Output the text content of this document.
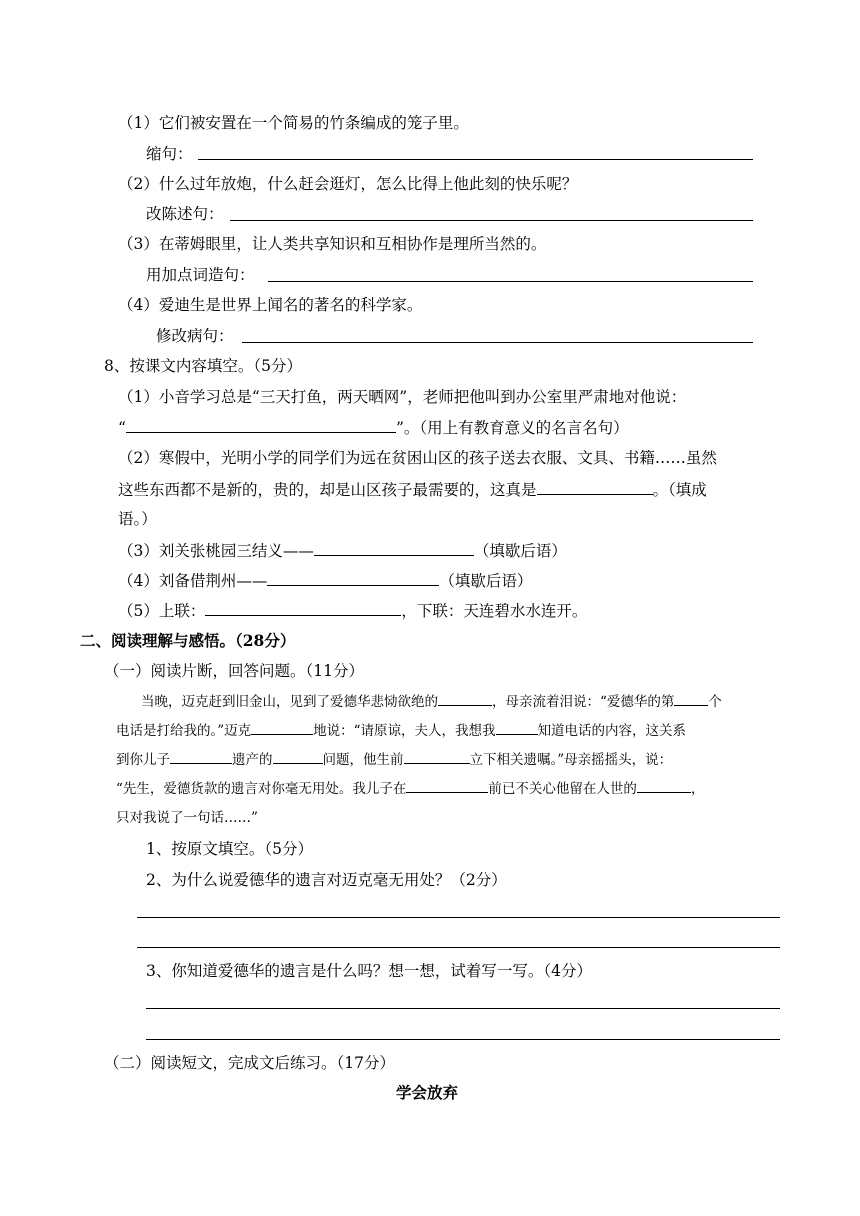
（1）它们被安置在一个简易的竹条编成的笼子里。
缩句：
（2）什么过年放炮，什么赶会逛灯，怎么比得上他此刻的快乐呢？
改陈述句：
（3）在蒂姆眼里，让人类共享知识和互相协作是理所当然的。
用加点词造句：
（4）爱迪生是世界上闻名的著名的科学家。
修改病句：
8、按课文内容填空。（5分）
（1）小音学习总是“三天打鱼，两天晒网”，老师把他叫到办公室里严肃地对他说：
“	”。（用上有教育意义的名言名句）
（2）寒假中，光明小学的同学们为远在贫困山区的孩子送去衣服、文具、书籍……虽然
这些东西都不是新的，贵的，却是山区孩子最需要的，这真是	。（填成
语。）
（3）刘关张桃园三结义——	（填歇后语）
（4）刘备借荆州——	（填歇后语）
（5）上联：	，下联：天连碧水水连开。
二、阅读理解与感悟。（28分）
（一）阅读片断，回答问题。（11分）
当晚，迈克赶到旧金山，见到了爱德华悲恸欲绝的	，母亲流着泪说：“爱德华的第	个
电话是打给我的。”迈克	地说：“请原谅，夫人，我想我	知道电话的内容，这关系
到你儿子	遗产的	问题，他生前	立下相关遗嘱。”母亲摇摇头，说：
“先生，爱德货款的遗言对你毫无用处。我儿子在	前已不关心他留在人世的	，
只对我说了一句话……”
1、按原文填空。（5分）
2、为什么说爱德华的遗言对迈克毫无用处？（2分）
3、你知道爱德华的遗言是什么吗？想一想，试着写一写。（4分）
（二）阅读短文，完成文后练习。（17分）
学会放弃
